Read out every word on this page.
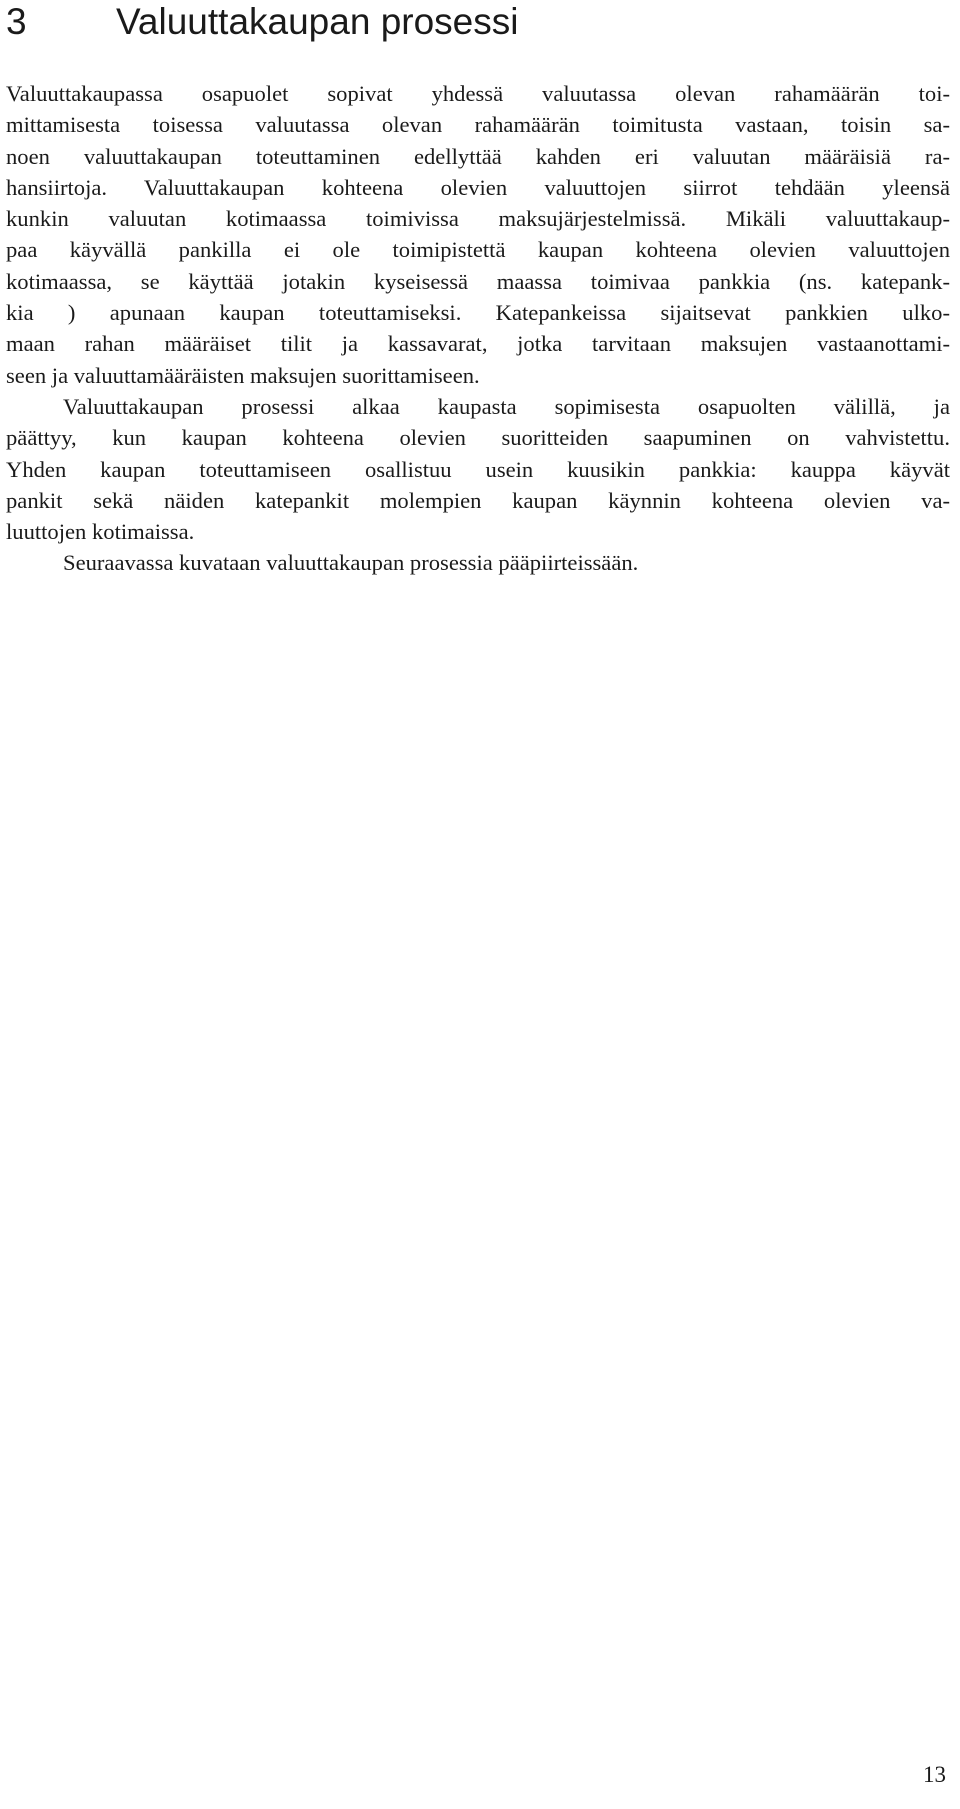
3 Valuuttakaupan prosessi
Valuuttakaupassa osapuolet sopivat yhdessä valuutassa olevan rahamäärän toi-
mittamisesta toisessa valuutassa olevan rahamäärän toimitusta vastaan, toisin sa-
noen valuuttakaupan toteuttaminen edellyttää kahden eri valuutan määräisiä ra-
hansiirtoja. Valuuttakaupan kohteena olevien valuuttojen siirrot tehdään yleensä
kunkin valuutan kotimaassa toimivissa maksujärjestelmissä. Mikäli valuuttakaup-
paa käyvällä pankilla ei ole toimipistettä kaupan kohteena olevien valuuttojen
kotimaassa, se käyttää jotakin kyseisessä maassa toimivaa pankkia (ns. katepank-
kia ) apunaan kaupan toteuttamiseksi. Katepankeissa sijaitsevat pankkien ulko-
maan rahan määräiset tilit ja kassavarat, jotka tarvitaan maksujen vastaanottami-
seen ja valuuttamääräisten maksujen suorittamiseen.
Valuuttakaupan prosessi alkaa kaupasta sopimisesta osapuolten välillä, ja
päättyy, kun kaupan kohteena olevien suoritteiden saapuminen on vahvistettu.
Yhden kaupan toteuttamiseen osallistuu usein kuusikin pankkia: kauppa käyvät
pankit sekä näiden katepankit molempien kaupan käynnin kohteena olevien va-
luuttojen kotimaissa.
Seuraavassa kuvataan valuuttakaupan prosessia pääpiirteissään.
13
